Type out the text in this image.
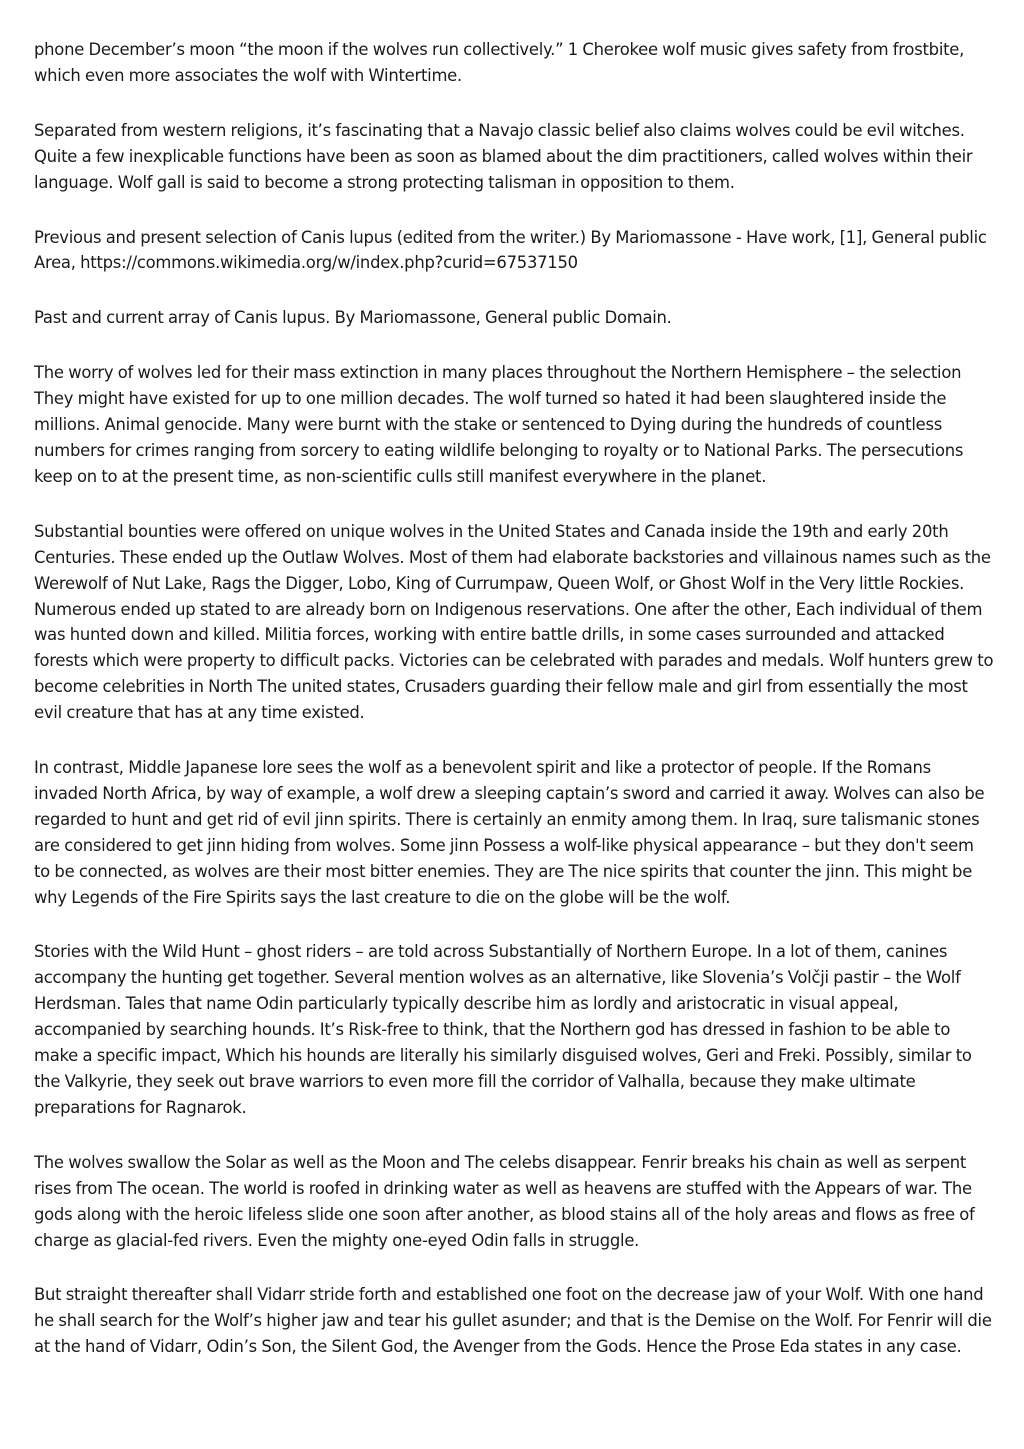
phone December’s moon “the moon if the wolves run collectively.” 1 Cherokee wolf music gives safety from frostbite, which even more associates the wolf with Wintertime.

Separated from western religions, it’s fascinating that a Navajo classic belief also claims wolves could be evil witches. Quite a few inexplicable functions have been as soon as blamed about the dim practitioners, called wolves within their language. Wolf gall is said to become a strong protecting talisman in opposition to them.

Previous and present selection of Canis lupus (edited from the writer.) By Mariomassone - Have work, [1], General public Area, https://commons.wikimedia.org/w/index.php?curid=67537150

Past and current array of Canis lupus. By Mariomassone, General public Domain.

The worry of wolves led for their mass extinction in many places throughout the Northern Hemisphere – the selection They might have existed for up to one million decades. The wolf turned so hated it had been slaughtered inside the millions. Animal genocide. Many were burnt with the stake or sentenced to Dying during the hundreds of countless numbers for crimes ranging from sorcery to eating wildlife belonging to royalty or to National Parks. The persecutions keep on to at the present time, as non-scientific culls still manifest everywhere in the planet.

Substantial bounties were offered on unique wolves in the United States and Canada inside the 19th and early 20th Centuries. These ended up the Outlaw Wolves. Most of them had elaborate backstories and villainous names such as the Werewolf of Nut Lake, Rags the Digger, Lobo, King of Currumpaw, Queen Wolf, or Ghost Wolf in the Very little Rockies. Numerous ended up stated to are already born on Indigenous reservations. One after the other, Each individual of them was hunted down and killed. Militia forces, working with entire battle drills, in some cases surrounded and attacked forests which were property to difficult packs. Victories can be celebrated with parades and medals. Wolf hunters grew to become celebrities in North The united states, Crusaders guarding their fellow male and girl from essentially the most evil creature that has at any time existed.

In contrast, Middle Japanese lore sees the wolf as a benevolent spirit and like a protector of people. If the Romans invaded North Africa, by way of example, a wolf drew a sleeping captain’s sword and carried it away. Wolves can also be regarded to hunt and get rid of evil jinn spirits. There is certainly an enmity among them. In Iraq, sure talismanic stones are considered to get jinn hiding from wolves. Some jinn Possess a wolf-like physical appearance – but they don't seem to be connected, as wolves are their most bitter enemies. They are The nice spirits that counter the jinn. This might be why Legends of the Fire Spirits says the last creature to die on the globe will be the wolf.

Stories with the Wild Hunt – ghost riders – are told across Substantially of Northern Europe. In a lot of them, canines accompany the hunting get together. Several mention wolves as an alternative, like Slovenia’s Volčji pastir – the Wolf Herdsman. Tales that name Odin particularly typically describe him as lordly and aristocratic in visual appeal, accompanied by searching hounds. It’s Risk-free to think, that the Northern god has dressed in fashion to be able to make a specific impact, Which his hounds are literally his similarly disguised wolves, Geri and Freki. Possibly, similar to the Valkyrie, they seek out brave warriors to even more fill the corridor of Valhalla, because they make ultimate preparations for Ragnarok.

The wolves swallow the Solar as well as the Moon and The celebs disappear. Fenrir breaks his chain as well as serpent rises from The ocean. The world is roofed in drinking water as well as heavens are stuffed with the Appears of war. The gods along with the heroic lifeless slide one soon after another, as blood stains all of the holy areas and flows as free of charge as glacial-fed rivers. Even the mighty one-eyed Odin falls in struggle.

But straight thereafter shall Vidarr stride forth and established one foot on the decrease jaw of your Wolf. With one hand he shall search for the Wolf’s higher jaw and tear his gullet asunder; and that is the Demise on the Wolf. For Fenrir will die at the hand of Vidarr, Odin’s Son, the Silent God, the Avenger from the Gods. Hence the Prose Eda states in any case.
